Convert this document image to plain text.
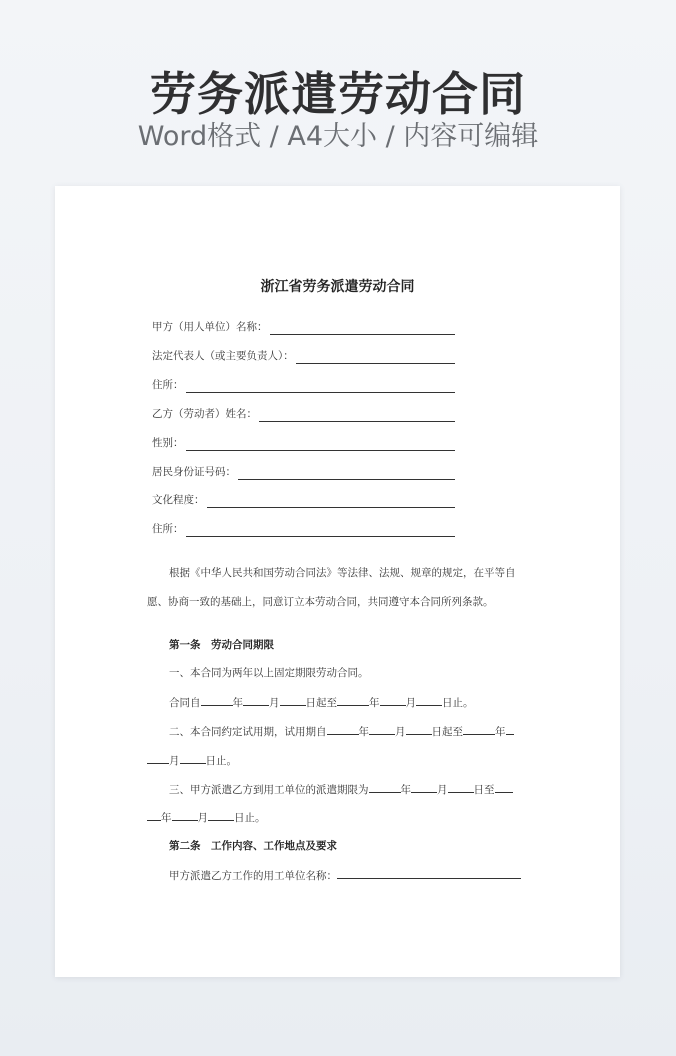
劳务派遣劳动合同
Word格式 / A4大小 / 内容可编辑
浙江省劳务派遣劳动合同
甲方（用人单位）名称：
法定代表人（或主要负责人）：
住所：
乙方（劳动者）姓名：
性别：
居民身份证号码：
文化程度：
住所：
根据《中华人民共和国劳动合同法》等法律、法规、规章的规定，在平等自
愿、协商一致的基础上，同意订立本劳动合同，共同遵守本合同所列条款。
第一条　劳动合同期限
一、本合同为两年以上固定期限劳动合同。
合同自	年 月 日起至	年 月 日止。
二、本合同约定试用期，试用期自	年 月 日起至	年
月 日止。
三、甲方派遣乙方到用工单位的派遣期限为	年 月 日至
年 月 日止。
第二条　工作内容、工作地点及要求
甲方派遣乙方工作的用工单位名称：
